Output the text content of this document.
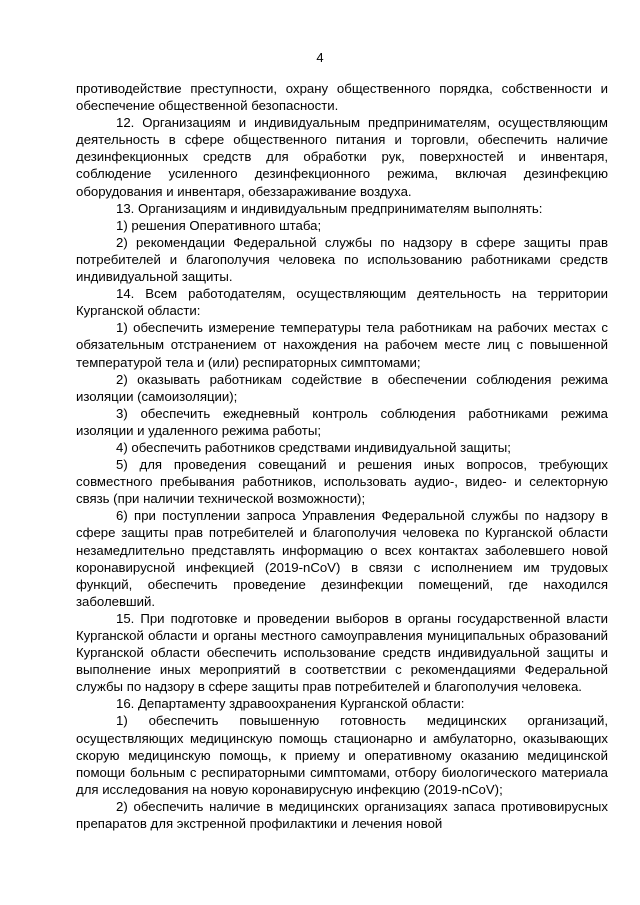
4

противодействие преступности, охрану общественного порядка, собственности и обеспечение общественной безопасности.

12. Организациям и индивидуальным предпринимателям, осуществляющим деятельность в сфере общественного питания и торговли, обеспечить наличие дезинфекционных средств для обработки рук, поверхностей и инвентаря, соблюдение усиленного дезинфекционного режима, включая дезинфекцию оборудования и инвентаря, обеззараживание воздуха.

13. Организациям и индивидуальным предпринимателям выполнять:

1) решения Оперативного штаба;

2) рекомендации Федеральной службы по надзору в сфере защиты прав потребителей и благополучия человека по использованию работниками средств индивидуальной защиты.

14. Всем работодателям, осуществляющим деятельность на территории Курганской области:

1) обеспечить измерение температуры тела работникам на рабочих местах с обязательным отстранением от нахождения на рабочем месте лиц с повышенной температурой тела и (или) респираторных симптомами;

2) оказывать работникам содействие в обеспечении соблюдения режима изоляции (самоизоляции);

3) обеспечить ежедневный контроль соблюдения работниками режима изоляции и удаленного режима работы;

4) обеспечить работников средствами индивидуальной защиты;

5) для проведения совещаний и решения иных вопросов, требующих совместного пребывания работников, использовать аудио-, видео- и селекторную связь (при наличии технической возможности);

6) при поступлении запроса Управления Федеральной службы по надзору в сфере защиты прав потребителей и благополучия человека по Курганской области незамедлительно представлять информацию о всех контактах заболевшего новой коронавирусной инфекцией (2019-nCoV) в связи с исполнением им трудовых функций, обеспечить проведение дезинфекции помещений, где находился заболевший.

15. При подготовке и проведении выборов в органы государственной власти Курганской области и органы местного самоуправления муниципальных образований Курганской области обеспечить использование средств индивидуальной защиты и выполнение иных мероприятий в соответствии с рекомендациями Федеральной службы по надзору в сфере защиты прав потребителей и благополучия человека.

16. Департаменту здравоохранения Курганской области:

1) обеспечить повышенную готовность медицинских организаций, осуществляющих медицинскую помощь стационарно и амбулаторно, оказывающих скорую медицинскую помощь, к приему и оперативному оказанию медицинской помощи больным с респираторными симптомами, отбору биологического материала для исследования на новую коронавирусную инфекцию (2019-nCoV);

2) обеспечить наличие в медицинских организациях запаса противовирусных препаратов для экстренной профилактики и лечения новой
